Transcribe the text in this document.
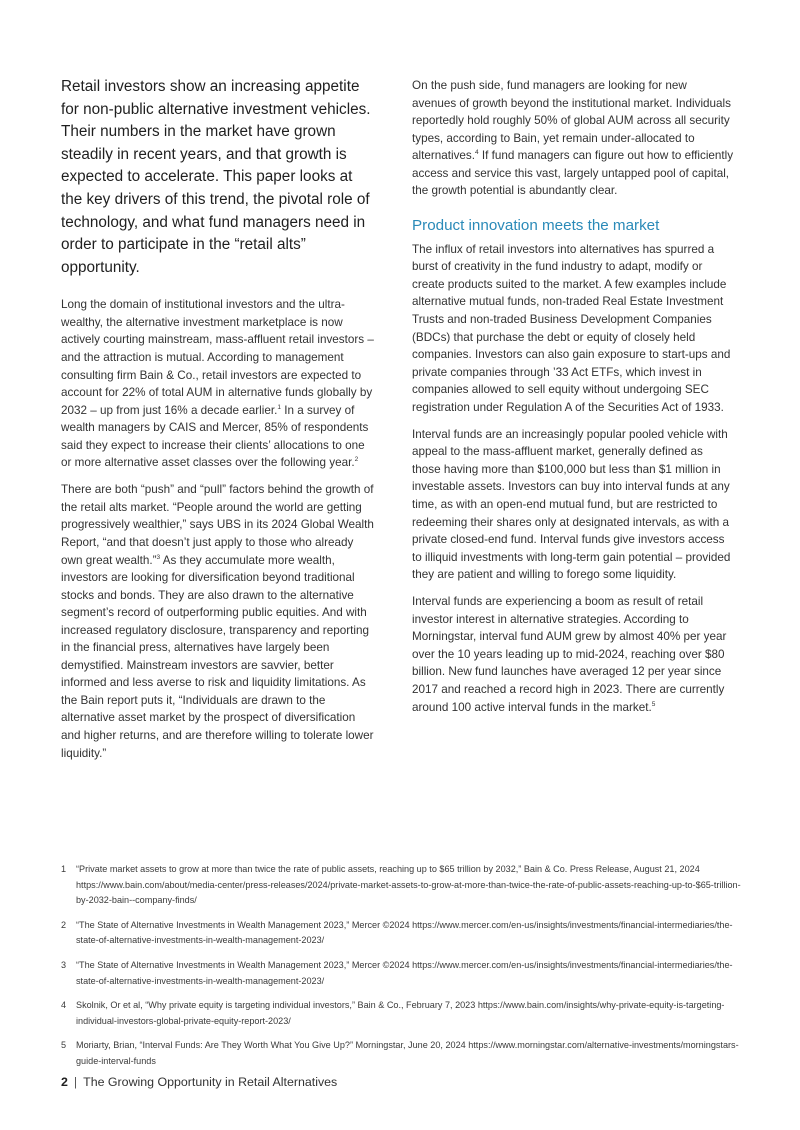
Retail investors show an increasing appetite for non-public alternative investment vehicles. Their numbers in the market have grown steadily in recent years, and that growth is expected to accelerate. This paper looks at the key drivers of this trend, the pivotal role of technology, and what fund managers need in order to participate in the “retail alts” opportunity.

Long the domain of institutional investors and the ultra-wealthy, the alternative investment marketplace is now actively courting mainstream, mass-affluent retail investors – and the attraction is mutual. According to management consulting firm Bain & Co., retail investors are expected to account for 22% of total AUM in alternative funds globally by 2032 – up from just 16% a decade earlier.$^1$ In a survey of wealth managers by CAIS and Mercer, 85% of respondents said they expect to increase their clients’ allocations to one or more alternative asset classes over the following year.$^2$

There are both “push” and “pull” factors behind the growth of the retail alts market. “People around the world are getting progressively wealthier,” says UBS in its 2024 Global Wealth Report, “and that doesn’t just apply to those who already own great wealth.”$^3$ As they accumulate more wealth, investors are looking for diversification beyond traditional stocks and bonds. They are also drawn to the alternative segment’s record of outperforming public equities. And with increased regulatory disclosure, transparency and reporting in the financial press, alternatives have largely been demystified. Mainstream investors are savvier, better informed and less averse to risk and liquidity limitations. As the Bain report puts it, “Individuals are drawn to the alternative asset market by the prospect of diversification and higher returns, and are therefore willing to tolerate lower liquidity.”

On the push side, fund managers are looking for new avenues of growth beyond the institutional market. Individuals reportedly hold roughly 50% of global AUM across all security types, according to Bain, yet remain under-allocated to alternatives.$^4$ If fund managers can figure out how to efficiently access and service this vast, largely untapped pool of capital, the growth potential is abundantly clear.

Product innovation meets the market

The influx of retail investors into alternatives has spurred a burst of creativity in the fund industry to adapt, modify or create products suited to the market. A few examples include alternative mutual funds, non-traded Real Estate Investment Trusts and non-traded Business Development Companies (BDCs) that purchase the debt or equity of closely held companies. Investors can also gain exposure to start-ups and private companies through ’33 Act ETFs, which invest in companies allowed to sell equity without undergoing SEC registration under Regulation A of the Securities Act of 1933.

Interval funds are an increasingly popular pooled vehicle with appeal to the mass-affluent market, generally defined as those having more than $100,000 but less than $1 million in investable assets. Investors can buy into interval funds at any time, as with an open-end mutual fund, but are restricted to redeeming their shares only at designated intervals, as with a private closed-end fund. Interval funds give investors access to illiquid investments with long-term gain potential – provided they are patient and willing to forego some liquidity.

Interval funds are experiencing a boom as result of retail investor interest in alternative strategies. According to Morningstar, interval fund AUM grew by almost 40% per year over the 10 years leading up to mid-2024, reaching over $80 billion. New fund launches have averaged 12 per year since 2017 and reached a record high in 2023. There are currently around 100 active interval funds in the market.$^5$

1	“Private market assets to grow at more than twice the rate of public assets, reaching up to $65 trillion by 2032,” Bain & Co. Press Release, August 21, 2024 https://www.bain.com/about/media-center/press-releases/2024/private-market-assets-to-grow-at-more-than-twice-the-rate-of-public-assets-reaching-up-to-$65-trillion-by-2032-bain--company-finds/
2	“The State of Alternative Investments in Wealth Management 2023,” Mercer ©2024 https://www.mercer.com/en-us/insights/investments/financial-intermediaries/the-state-of-alternative-investments-in-wealth-management-2023/
3	“The State of Alternative Investments in Wealth Management 2023,” Mercer ©2024 https://www.mercer.com/en-us/insights/investments/financial-intermediaries/the-state-of-alternative-investments-in-wealth-management-2023/
4	Skolnik, Or et al, “Why private equity is targeting individual investors,” Bain & Co., February 7, 2023 https://www.bain.com/insights/why-private-equity-is-targeting-individual-investors-global-private-equity-report-2023/
5	Moriarty, Brian, “Interval Funds: Are They Worth What You Give Up?” Morningstar, June 20, 2024 https://www.morningstar.com/alternative-investments/morningstars-guide-interval-funds
2 | The Growing Opportunity in Retail Alternatives
